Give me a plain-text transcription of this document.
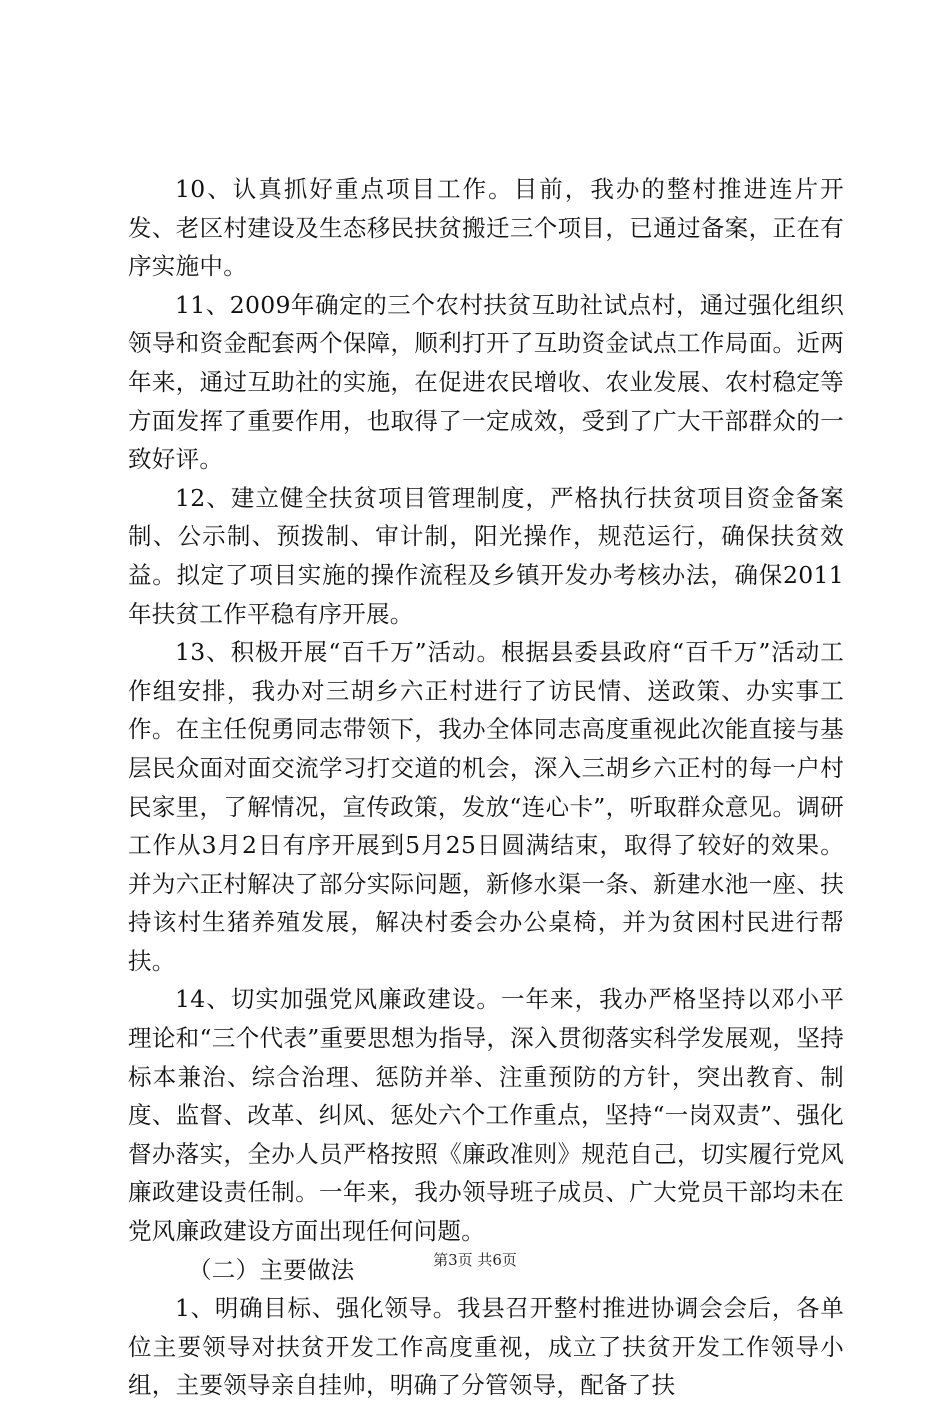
10、认真抓好重点项目工作。目前，我办的整村推进连片开发、老区村建设及生态移民扶贫搬迁三个项目，已通过备案，正在有序实施中。

11、2009年确定的三个农村扶贫互助社试点村，通过强化组织领导和资金配套两个保障，顺利打开了互助资金试点工作局面。近两年来，通过互助社的实施，在促进农民增收、农业发展、农村稳定等方面发挥了重要作用，也取得了一定成效，受到了广大干部群众的一致好评。

12、建立健全扶贫项目管理制度，严格执行扶贫项目资金备案制、公示制、预拨制、审计制，阳光操作，规范运行，确保扶贫效益。拟定了项目实施的操作流程及乡镇开发办考核办法，确保2011年扶贫工作平稳有序开展。

13、积极开展“百千万”活动。根据县委县政府“百千万”活动工作组安排，我办对三胡乡六正村进行了访民情、送政策、办实事工作。在主任倪勇同志带领下，我办全体同志高度重视此次能直接与基层民众面对面交流学习打交道的机会，深入三胡乡六正村的每一户村民家里，了解情况，宣传政策，发放“连心卡”，听取群众意见。调研工作从3月2日有序开展到5月25日圆满结束，取得了较好的效果。并为六正村解决了部分实际问题，新修水渠一条、新建水池一座、扶持该村生猪养殖发展，解决村委会办公桌椅，并为贫困村民进行帮扶。

14、切实加强党风廉政建设。一年来，我办严格坚持以邓小平理论和“三个代表”重要思想为指导，深入贯彻落实科学发展观，坚持标本兼治、综合治理、惩防并举、注重预防的方针，突出教育、制度、监督、改革、纠风、惩处六个工作重点，坚持“一岗双责”、强化督办落实，全办人员严格按照《廉政准则》规范自己，切实履行党风廉政建设责任制。一年来，我办领导班子成员、广大党员干部均未在党风廉政建设方面出现任何问题。

（二）主要做法

1、明确目标、强化领导。我县召开整村推进协调会会后，各单位主要领导对扶贫开发工作高度重视，成立了扶贫开发工作领导小组，主要领导亲自挂帅，明确了分管领导，配备了扶

第3页 共6页
